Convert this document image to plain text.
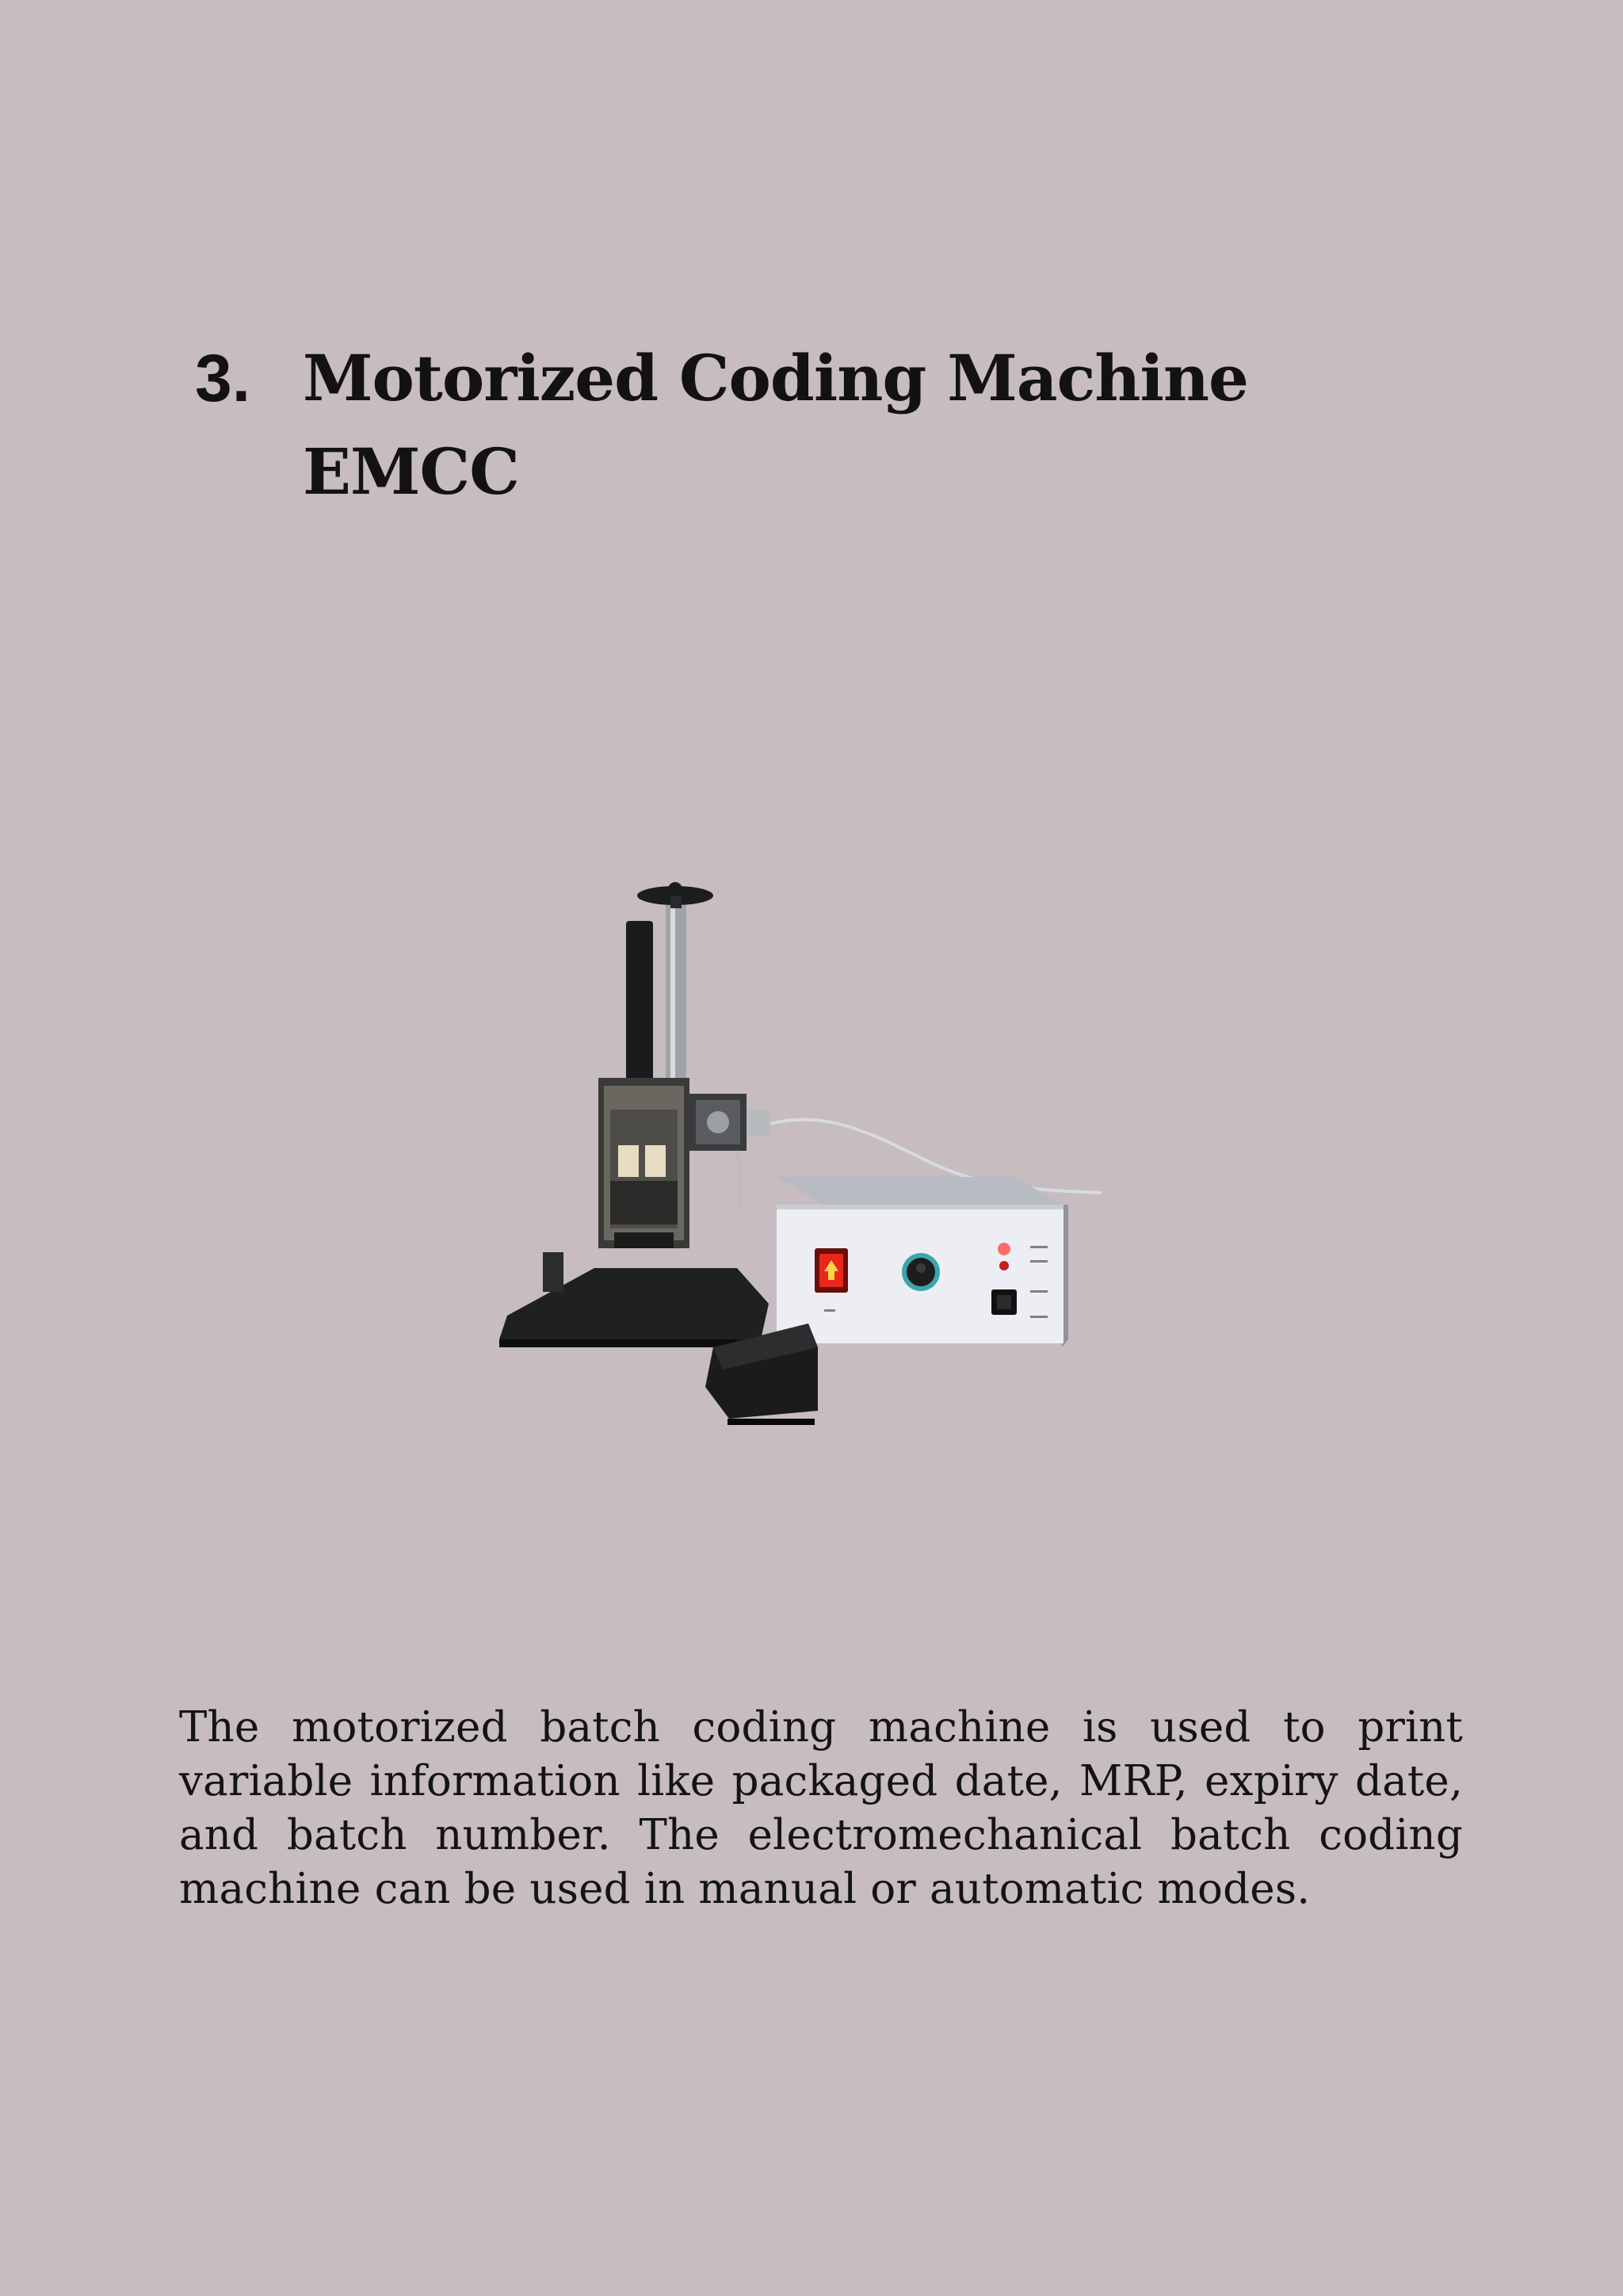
3. Motorized Coding Machine EMCC

The motorized batch coding machine is used to print variable information like packaged date, MRP, expiry date, and batch number. The electromechanical batch coding machine can be used in manual or automatic modes.
